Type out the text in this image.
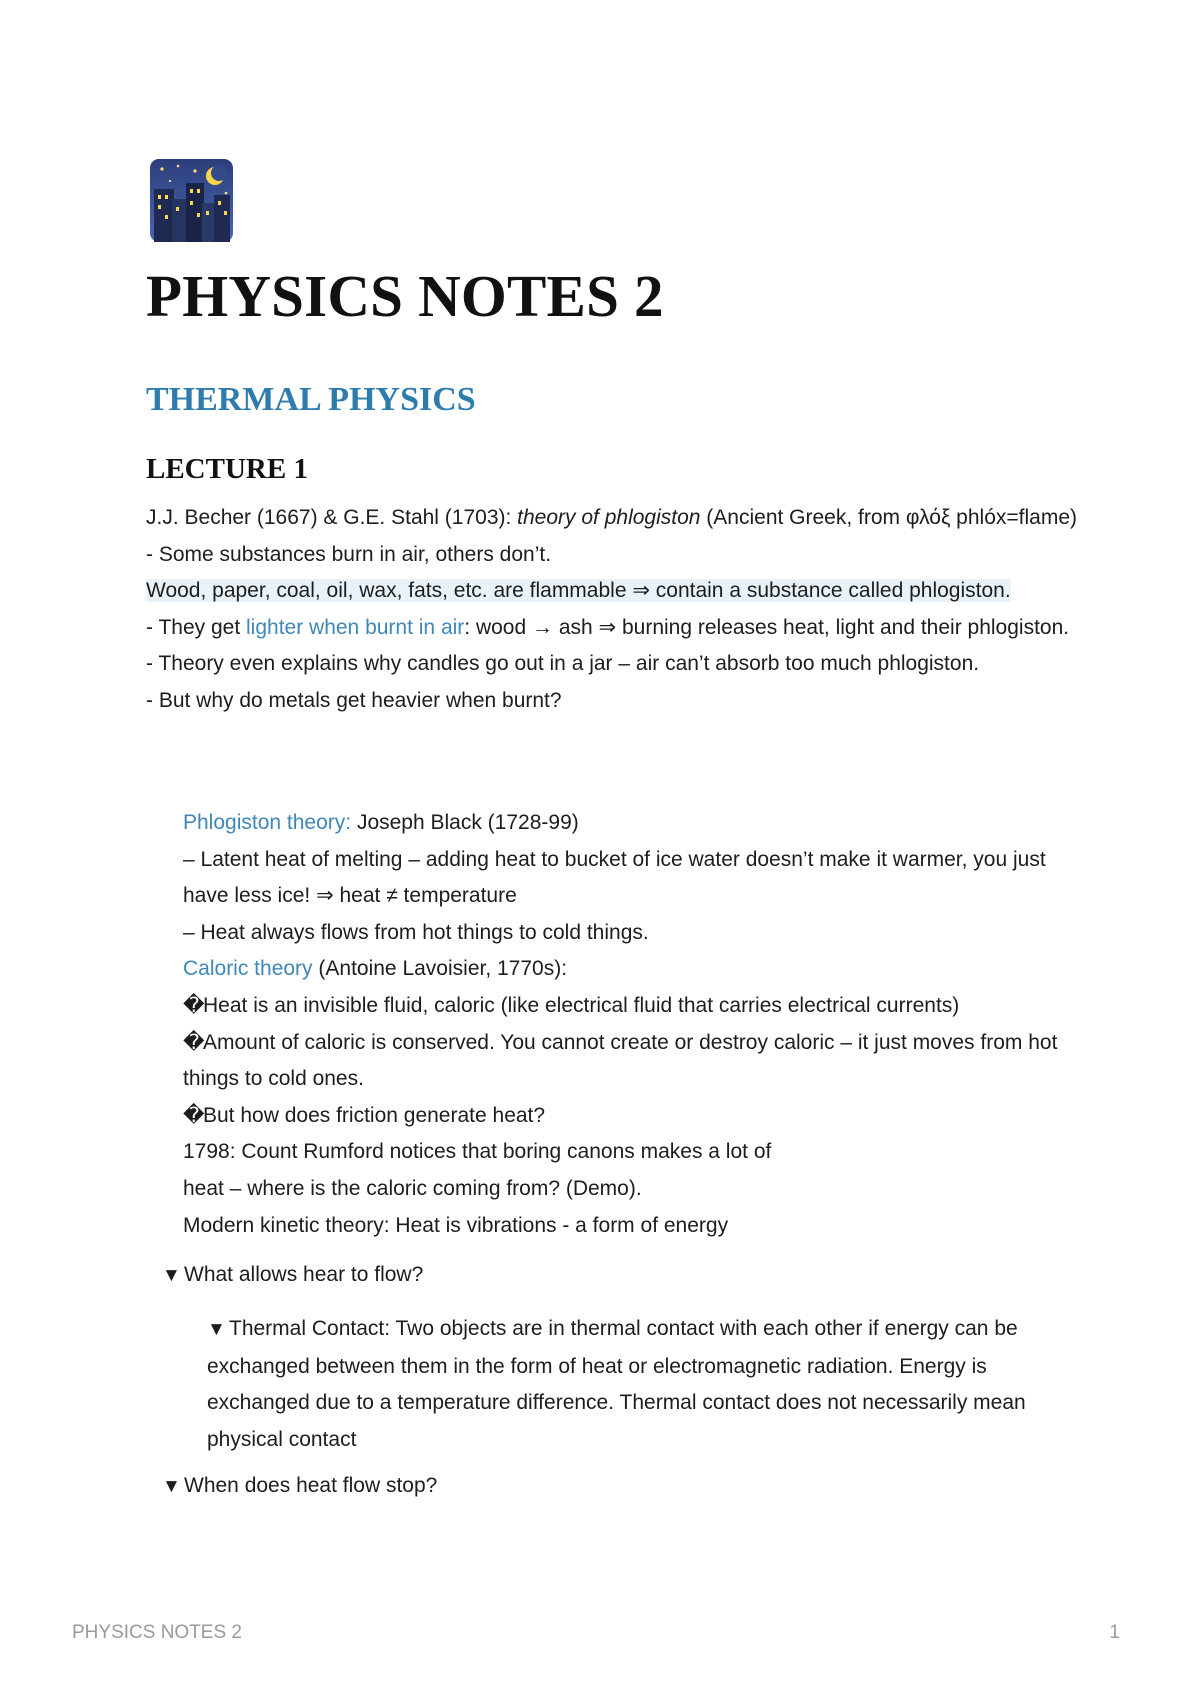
PHYSICS NOTES 2
THERMAL PHYSICS
LECTURE 1
J.J. Becher (1667) & G.E. Stahl (1703): theory of phlogiston (Ancient Greek, from φλόξ phlóx=flame)
- Some substances burn in air, others don’t.
Wood, paper, coal, oil, wax, fats, etc. are flammable ⇒ contain a substance called phlogiston.
- They get lighter when burnt in air: wood → ash ⇒ burning releases heat, light and their phlogiston.
- Theory even explains why candles go out in a jar – air can’t absorb too much phlogiston.
- But why do metals get heavier when burnt?
Phlogiston theory: Joseph Black (1728-99)
– Latent heat of melting – adding heat to bucket of ice water doesn’t make it warmer, you just have less ice! ⇒ heat ≠ temperature
– Heat always flows from hot things to cold things.
Caloric theory (Antoine Lavoisier, 1770s):
�Heat is an invisible fluid, caloric (like electrical fluid that carries electrical currents)
�Amount of caloric is conserved. You cannot create or destroy caloric – it just moves from hot things to cold ones.
�But how does friction generate heat?
1798: Count Rumford notices that boring canons makes a lot of
heat – where is the caloric coming from? (Demo).
Modern kinetic theory: Heat is vibrations - a form of energy
▼ What allows hear to flow?
▼ Thermal Contact: Two objects are in thermal contact with each other if energy can be exchanged between them in the form of heat or electromagnetic radiation. Energy is exchanged due to a temperature difference. Thermal contact does not necessarily mean physical contact
▼ When does heat flow stop?
PHYSICS NOTES 2	1
